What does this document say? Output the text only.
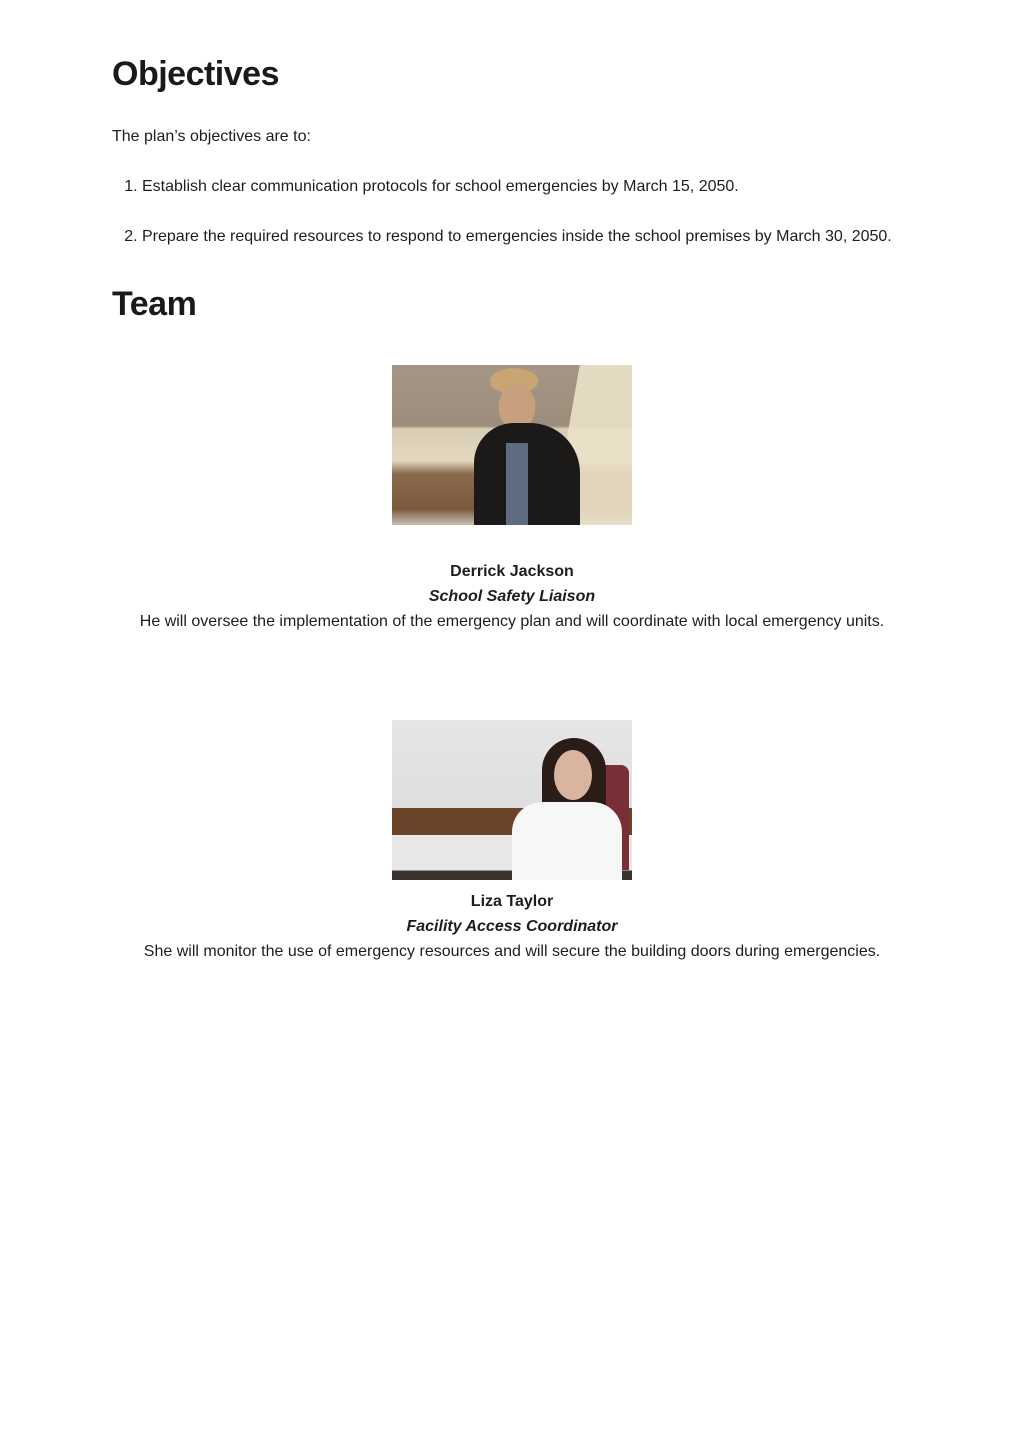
Objectives

The plan’s objectives are to:

1. Establish clear communication protocols for school emergencies by March 15, 2050.
2. Prepare the required resources to respond to emergencies inside the school premises by March 30, 2050.
Team

Derrick Jackson

School Safety Liaison

He will oversee the implementation of the emergency plan and will coordinate with local emergency units.

Liza Taylor

Facility Access Coordinator

She will monitor the use of emergency resources and will secure the building doors during emergencies.
